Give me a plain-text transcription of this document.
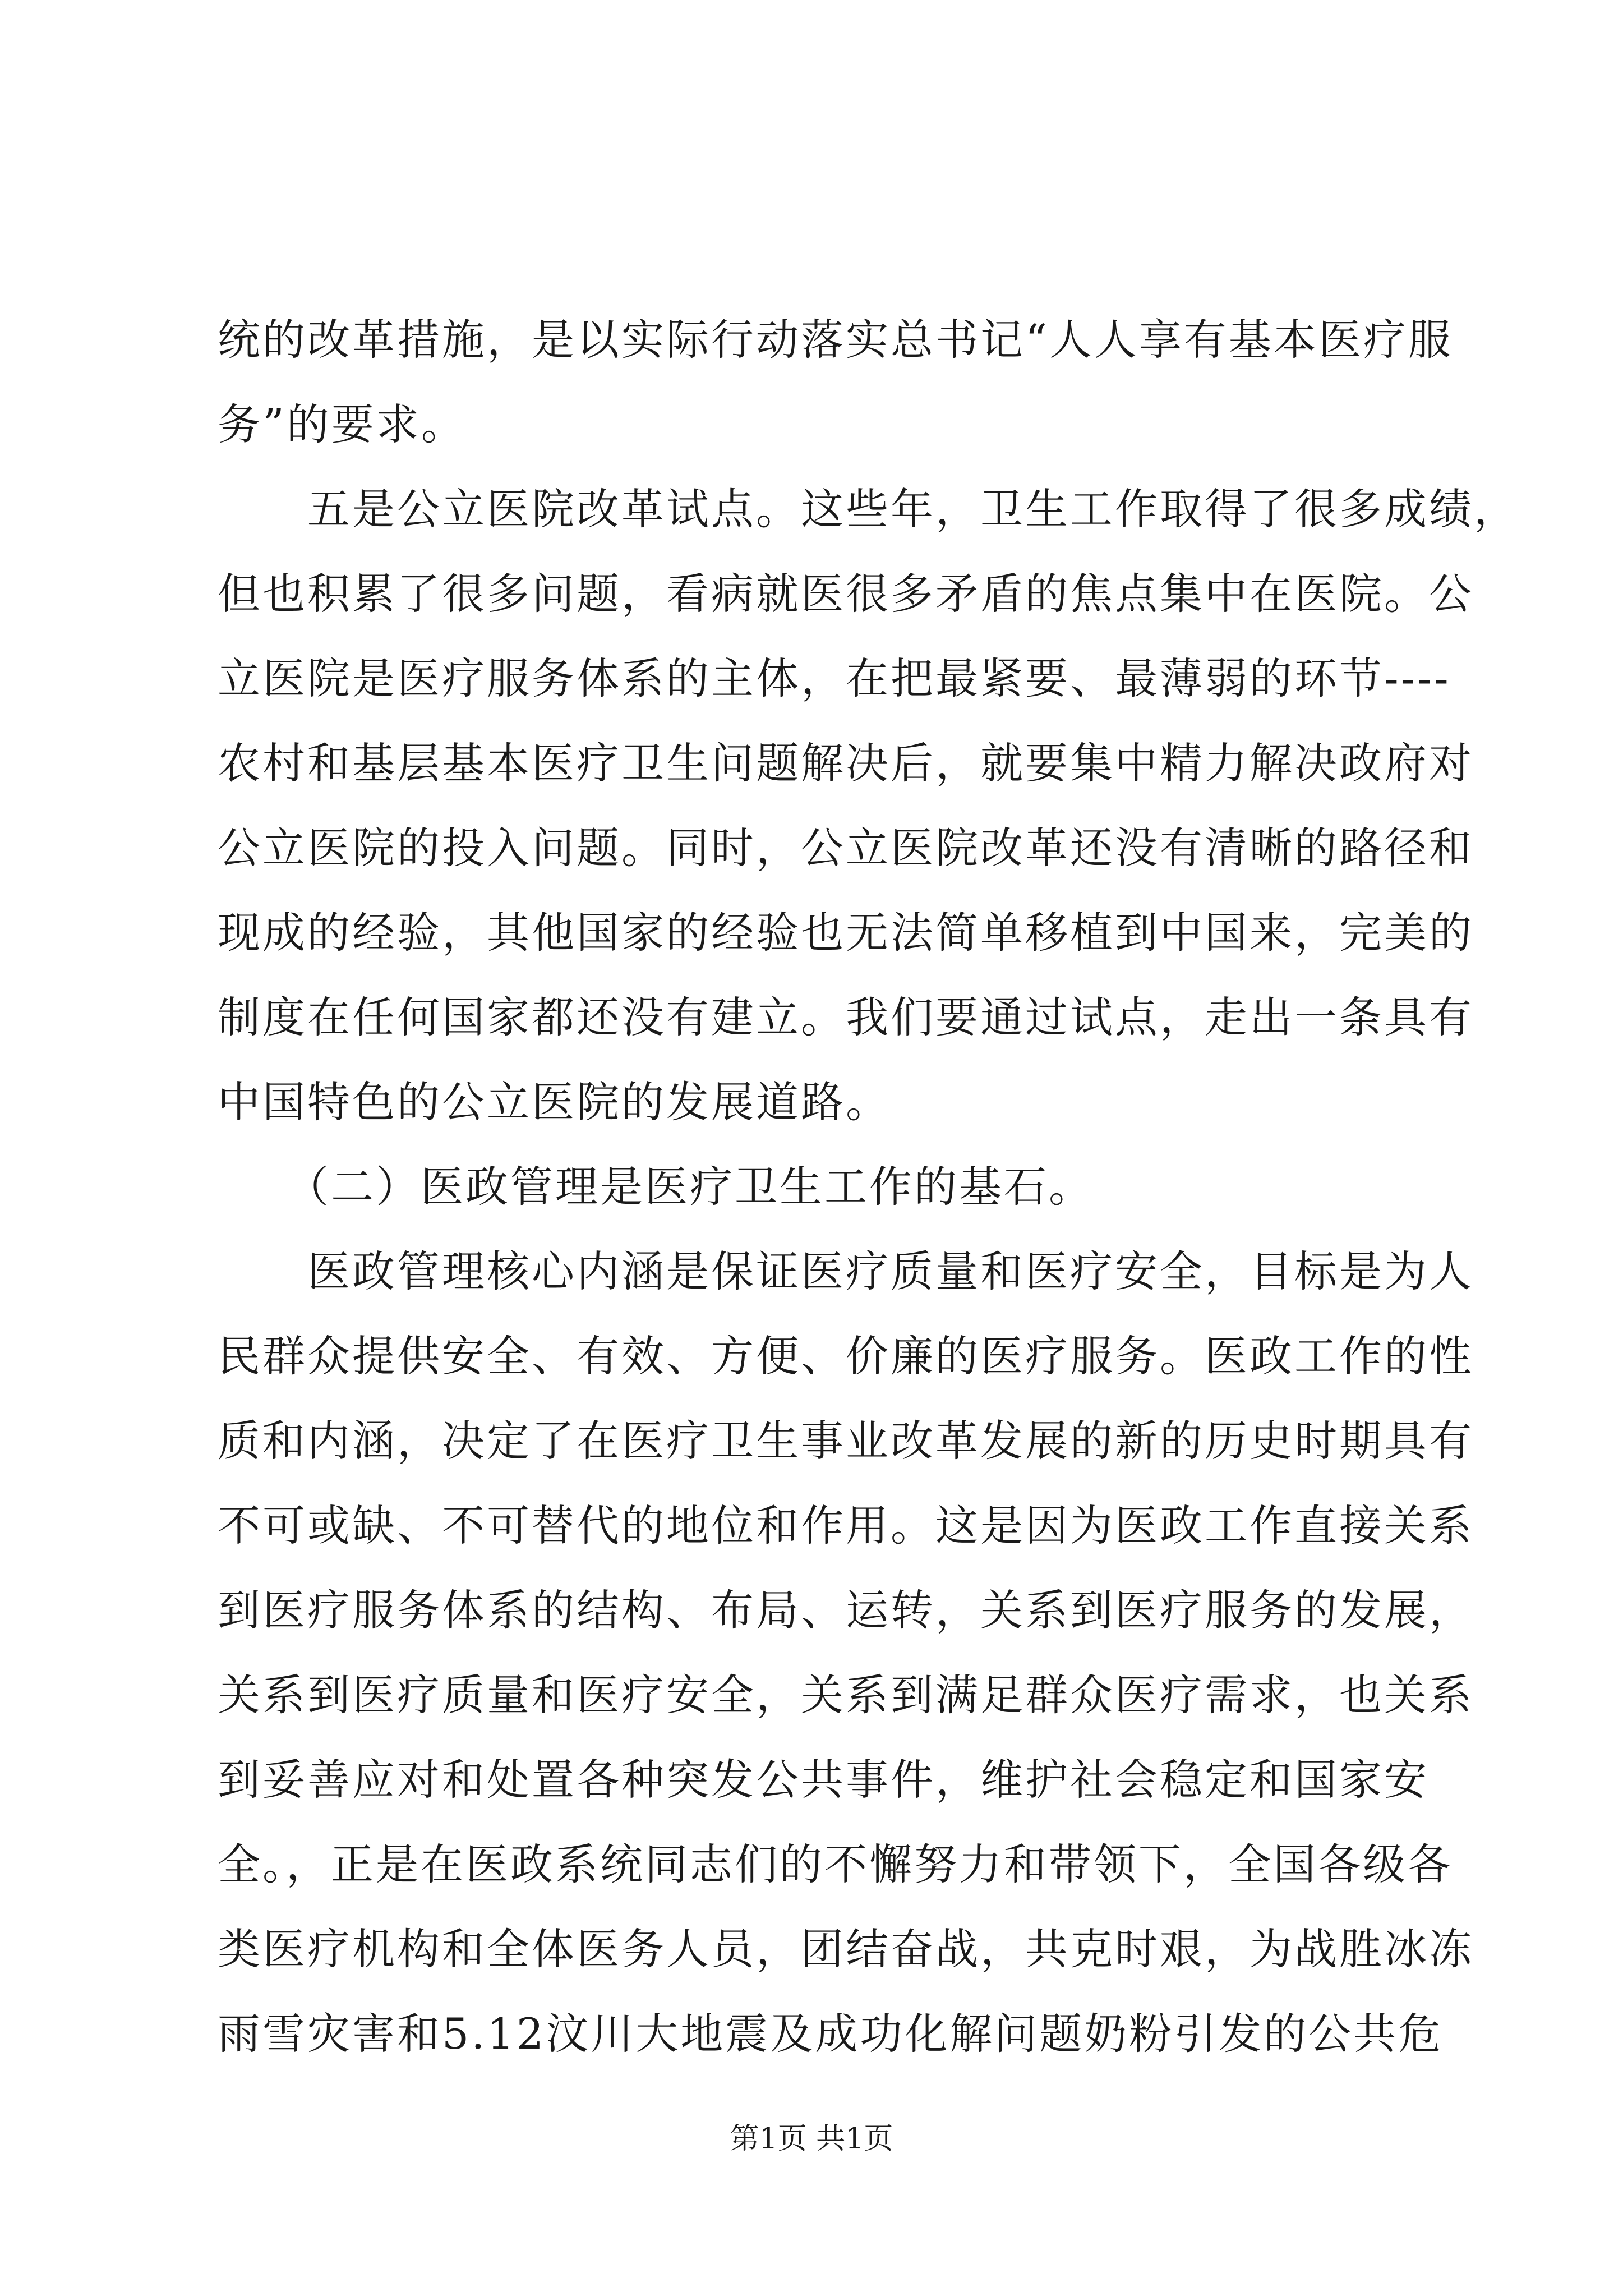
统的改革措施，是以实际行动落实总书记“人人享有基本医疗服
务”的要求。
　　五是公立医院改革试点。这些年，卫生工作取得了很多成绩，
但也积累了很多问题，看病就医很多矛盾的焦点集中在医院。公
立医院是医疗服务体系的主体，在把最紧要、最薄弱的环节----
农村和基层基本医疗卫生问题解决后，就要集中精力解决政府对
公立医院的投入问题。同时，公立医院改革还没有清晰的路径和
现成的经验，其他国家的经验也无法简单移植到中国来，完美的
制度在任何国家都还没有建立。我们要通过试点，走出一条具有
中国特色的公立医院的发展道路。
　　（二）医政管理是医疗卫生工作的基石。
　　医政管理核心内涵是保证医疗质量和医疗安全，目标是为人
民群众提供安全、有效、方便、价廉的医疗服务。医政工作的性
质和内涵，决定了在医疗卫生事业改革发展的新的历史时期具有
不可或缺、不可替代的地位和作用。这是因为医政工作直接关系
到医疗服务体系的结构、布局、运转，关系到医疗服务的发展，
关系到医疗质量和医疗安全，关系到满足群众医疗需求，也关系
到妥善应对和处置各种突发公共事件，维护社会稳定和国家安
全。，正是在医政系统同志们的不懈努力和带领下，全国各级各
类医疗机构和全体医务人员，团结奋战，共克时艰，为战胜冰冻
雨雪灾害和5.12汶川大地震及成功化解问题奶粉引发的公共危
第1页 共1页
